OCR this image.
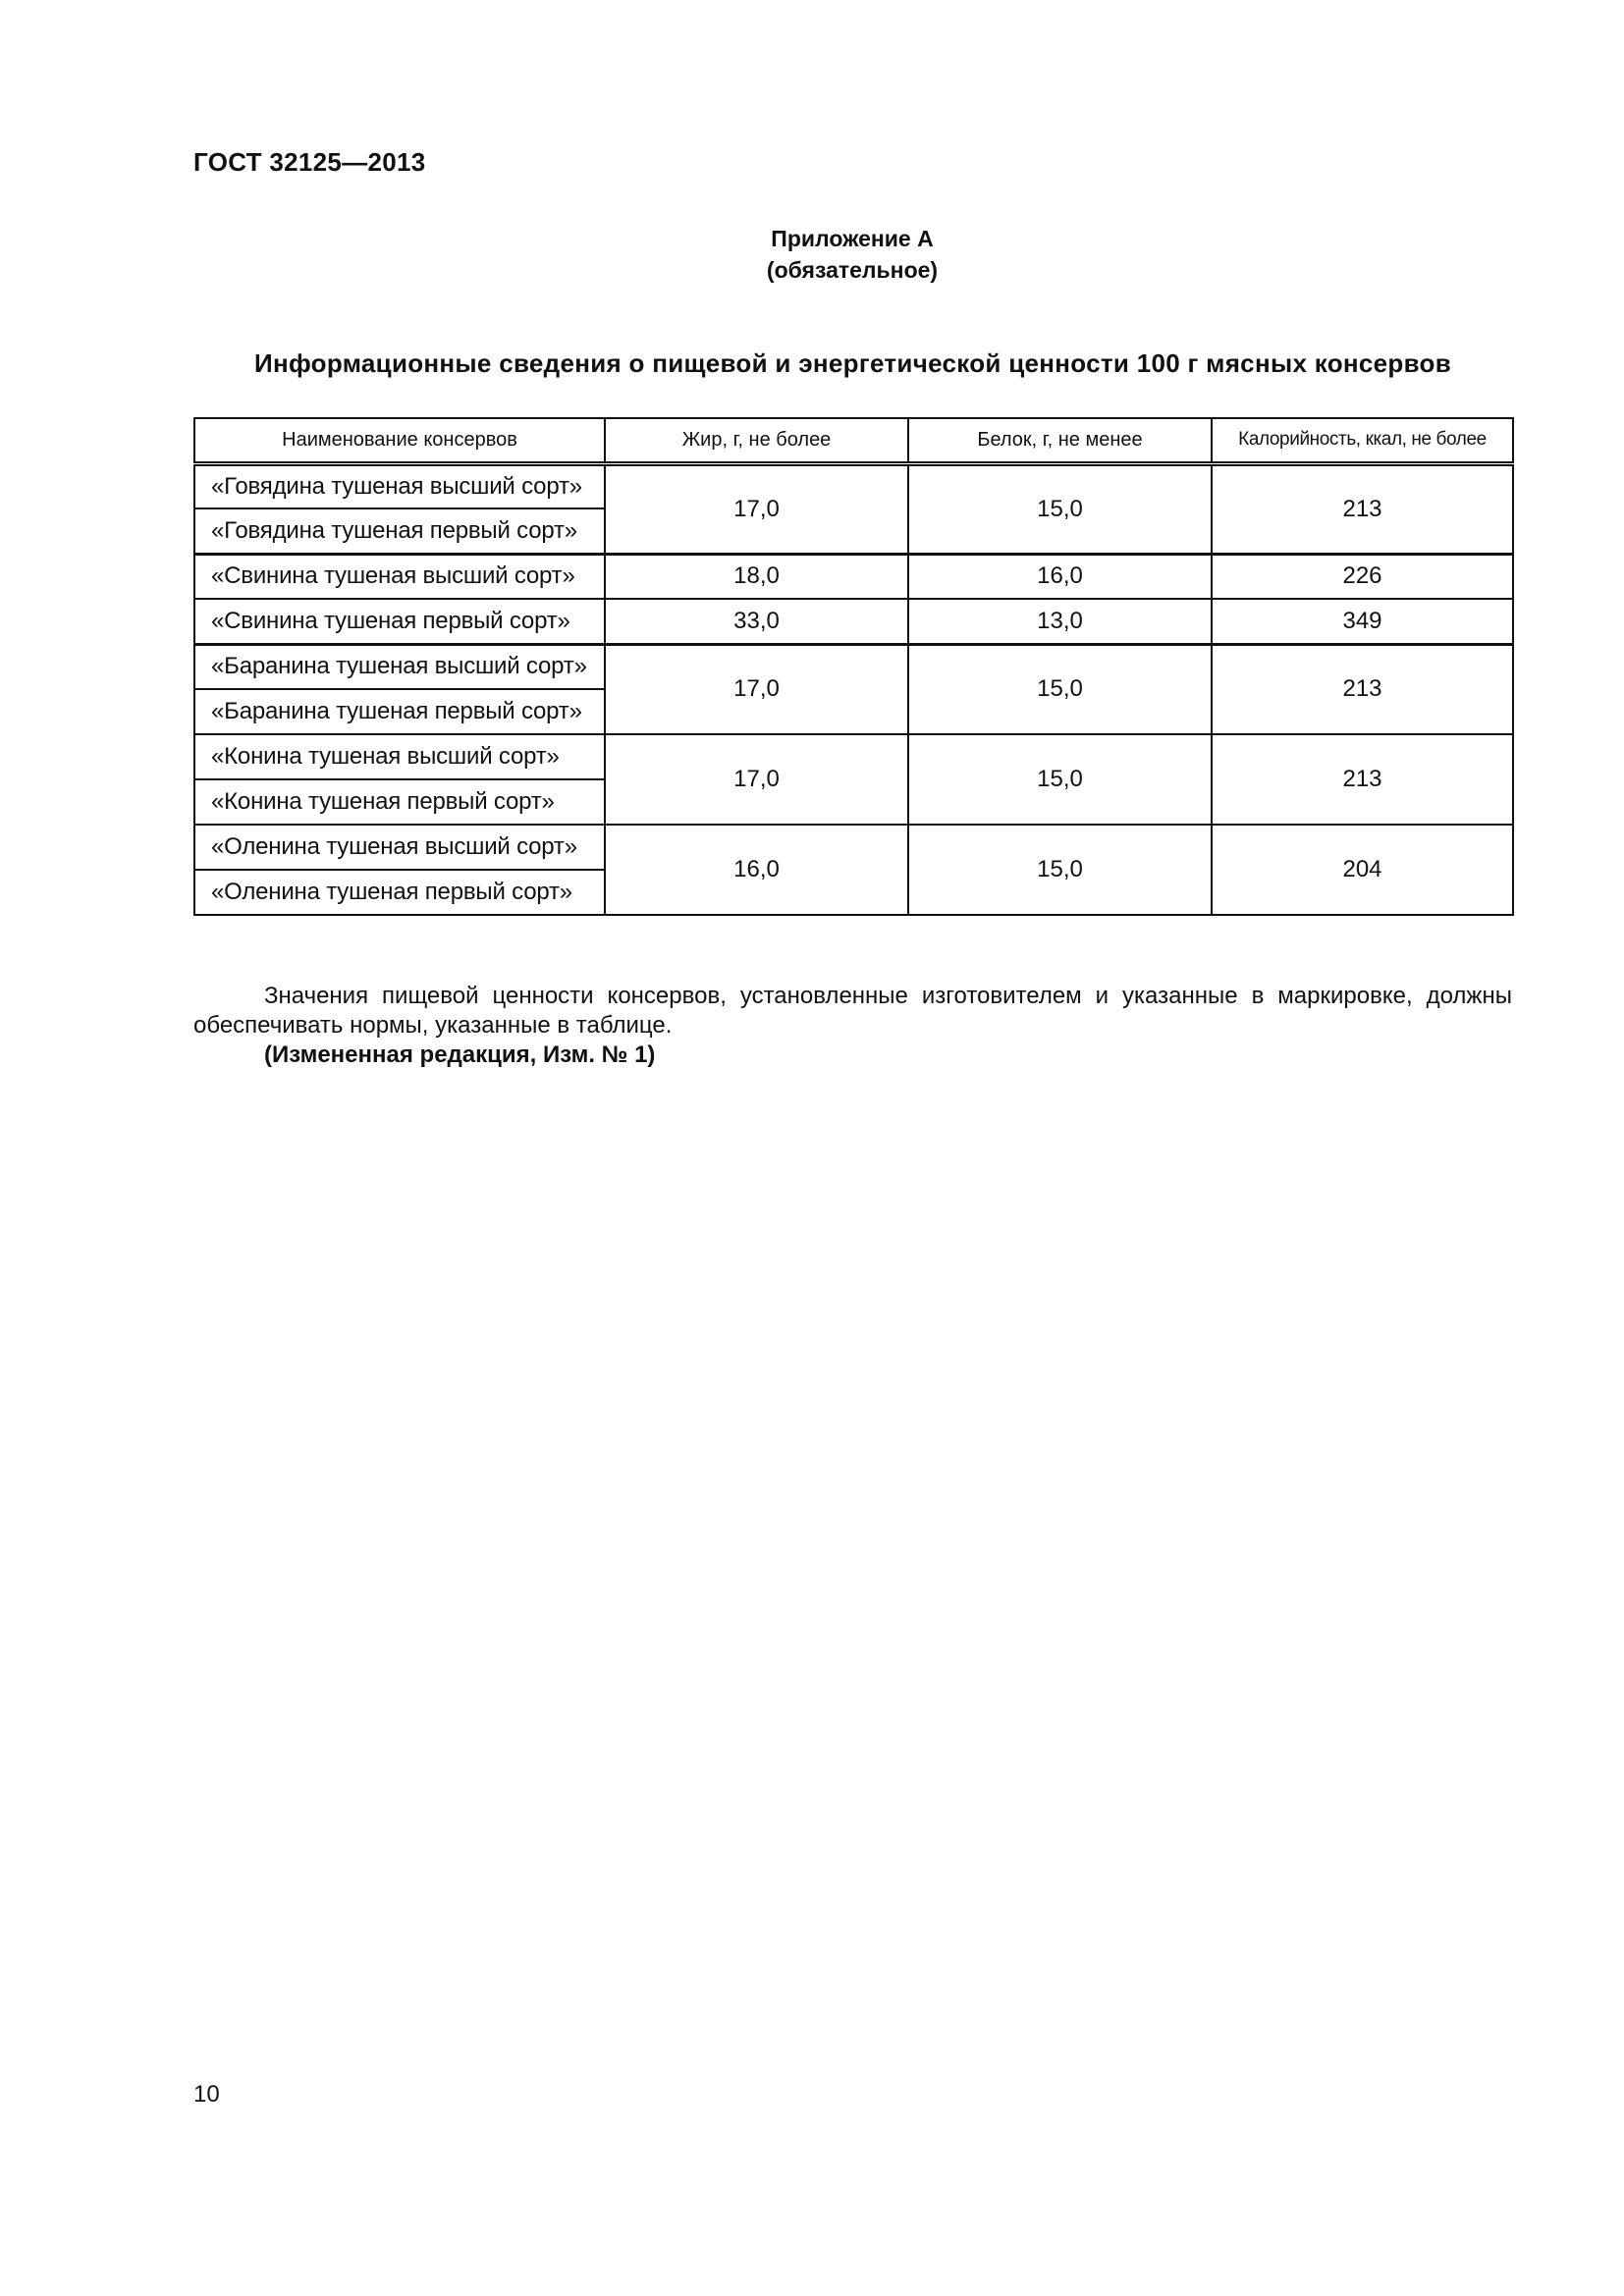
ГОСТ 32125—2013
Приложение А
(обязательное)
Информационные сведения о пищевой и энергетической ценности 100 г мясных консервов
Наименование консервов	Жир, г, не более	Белок, г, не менее	Калорийность, ккал, не более
«Говядина тушеная высший сорт»	17,0	15,0	213
«Говядина тушеная первый сорт»			
«Свинина тушеная высший сорт»	18,0	16,0	226
«Свинина тушеная первый сорт»	33,0	13,0	349
«Баранина тушеная высший сорт»	17,0	15,0	213
«Баранина тушеная первый сорт»			
«Конина тушеная высший сорт»	17,0	15,0	213
«Конина тушеная первый сорт»			
«Оленина тушеная высший сорт»	16,0	15,0	204
«Оленина тушеная первый сорт»			

Значения пищевой ценности консервов, установленные изготовителем и указанные в маркировке, должны обеспечивать нормы, указанные в таблице.

(Измененная редакция, Изм. № 1)

10
